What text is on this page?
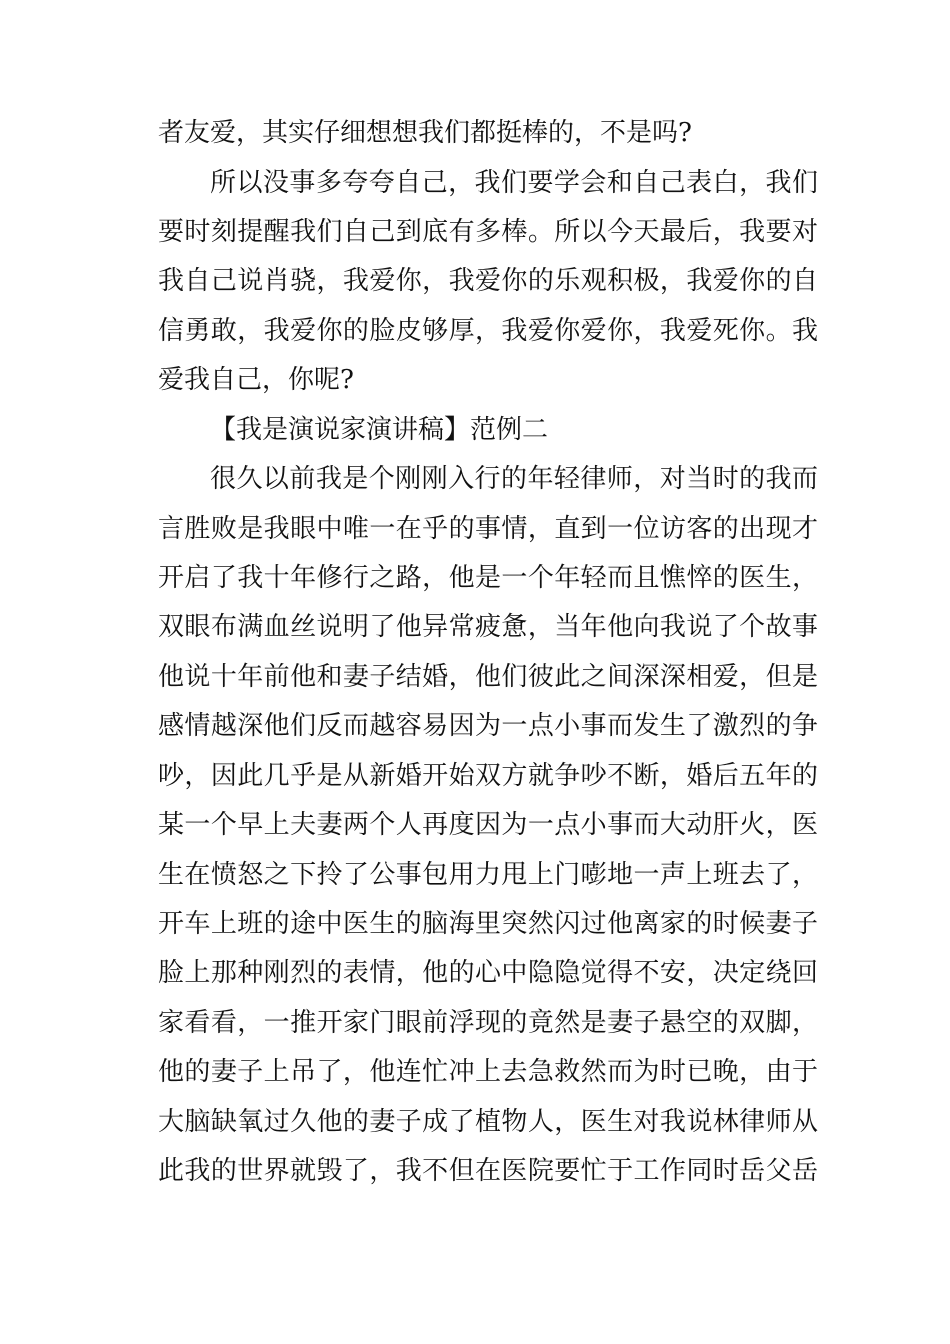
者友爱，其实仔细想想我们都挺棒的，不是吗?
所以没事多夸夸自己，我们要学会和自己表白，我们
要时刻提醒我们自己到底有多棒。所以今天最后，我要对
我自己说肖骁，我爱你，我爱你的乐观积极，我爱你的自
信勇敢，我爱你的脸皮够厚，我爱你爱你，我爱死你。我
爱我自己，你呢?
【我是演说家演讲稿】范例二
很久以前我是个刚刚入行的年轻律师，对当时的我而
言胜败是我眼中唯一在乎的事情，直到一位访客的出现才
开启了我十年修行之路，他是一个年轻而且憔悴的医生，
双眼布满血丝说明了他异常疲惫，当年他向我说了个故事
他说十年前他和妻子结婚，他们彼此之间深深相爱，但是
感情越深他们反而越容易因为一点小事而发生了激烈的争
吵，因此几乎是从新婚开始双方就争吵不断，婚后五年的
某一个早上夫妻两个人再度因为一点小事而大动肝火，医
生在愤怒之下拎了公事包用力甩上门嘭地一声上班去了，
开车上班的途中医生的脑海里突然闪过他离家的时候妻子
脸上那种刚烈的表情，他的心中隐隐觉得不安，决定绕回
家看看，一推开家门眼前浮现的竟然是妻子悬空的双脚，
他的妻子上吊了，他连忙冲上去急救然而为时已晚，由于
大脑缺氧过久他的妻子成了植物人，医生对我说林律师从
此我的世界就毁了，我不但在医院要忙于工作同时岳父岳
